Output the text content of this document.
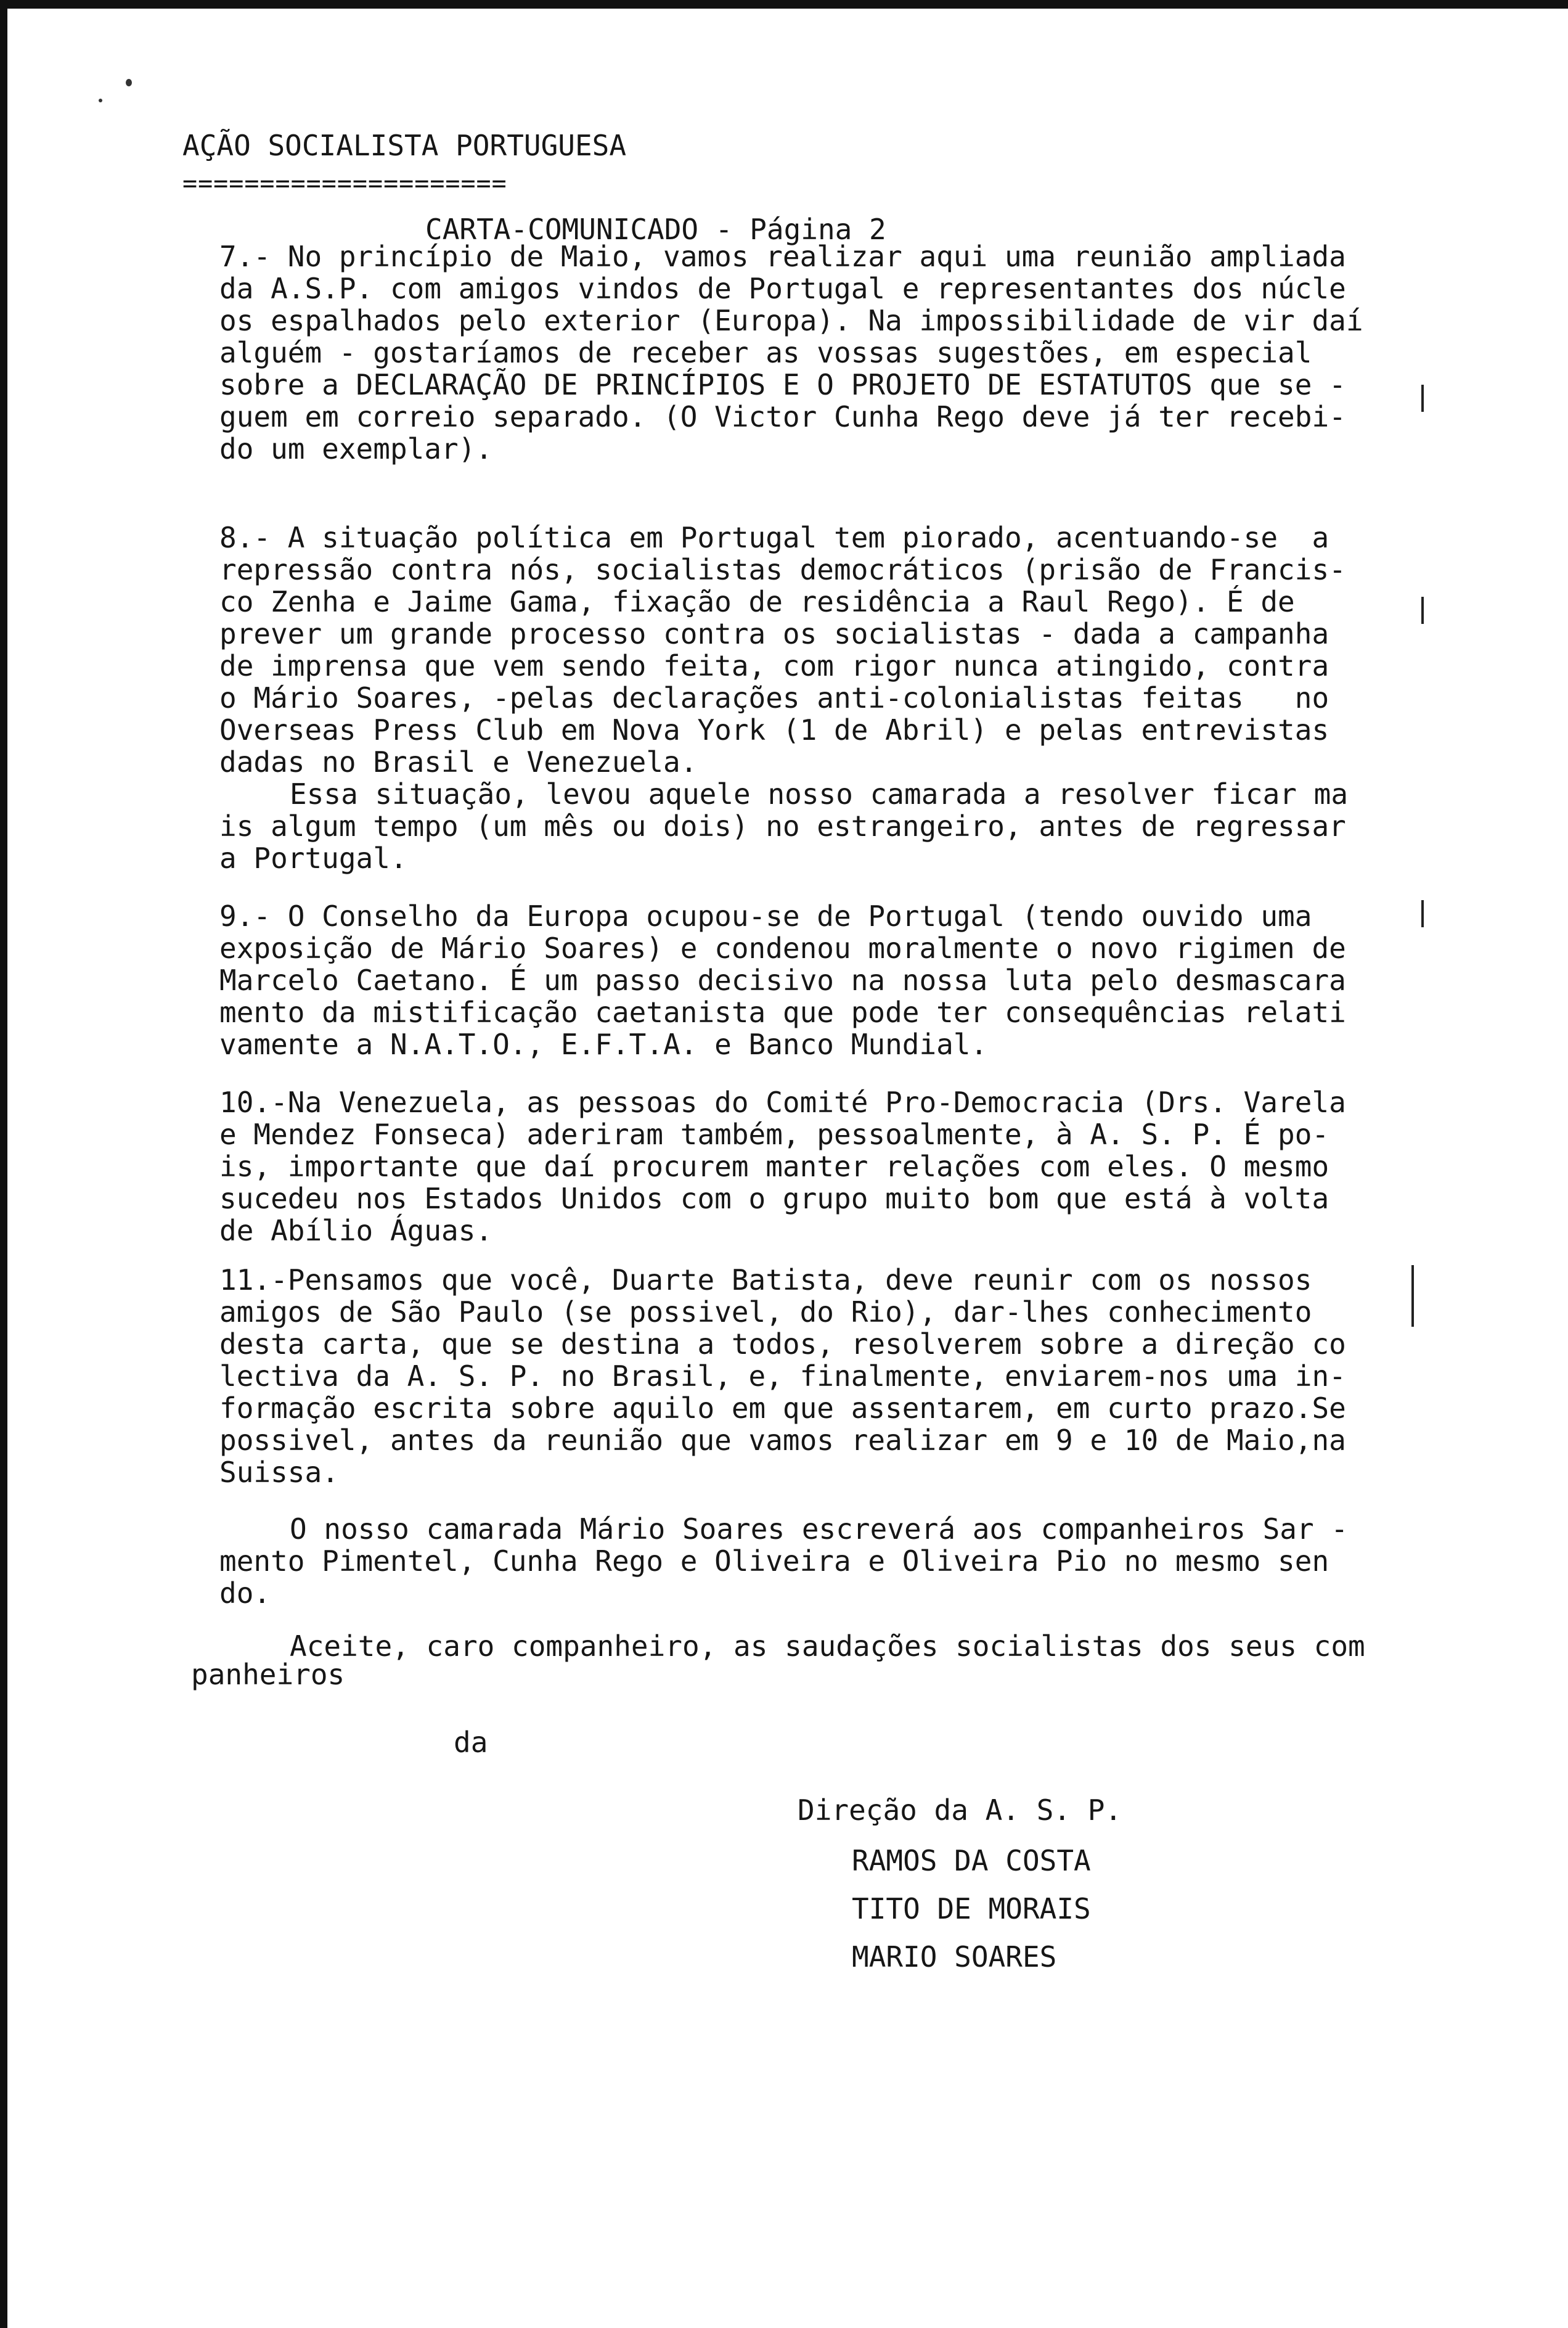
AÇÃO SOCIALISTA PORTUGUESA
=====================
CARTA-COMUNICADO - Página 2
7.- No princípio de Maio, vamos realizar aqui uma reunião ampliada
da A.S.P. com amigos vindos de Portugal e representantes dos núcle
os espalhados pelo exterior (Europa). Na impossibilidade de vir daí
alguém - gostaríamos de receber as vossas sugestões, em especial
sobre a DECLARAÇÃO DE PRINCÍPIOS E O PROJETO DE ESTATUTOS que se -
guem em correio separado. (O Victor Cunha Rego deve já ter recebi-
do um exemplar).
8.- A situação política em Portugal tem piorado, acentuando-se  a
repressão contra nós, socialistas democráticos (prisão de Francis-
co Zenha e Jaime Gama, fixação de residência a Raul Rego). É de
prever um grande processo contra os socialistas - dada a campanha
de imprensa que vem sendo feita, com rigor nunca atingido, contra
o Mário Soares, -pelas declarações anti-colonialistas feitas   no
Overseas Press Club em Nova York (1 de Abril) e pelas entrevistas
dadas no Brasil e Venezuela.
Essa situação, levou aquele nosso camarada a resolver ficar ma
is algum tempo (um mês ou dois) no estrangeiro, antes de regressar
a Portugal.
9.- O Conselho da Europa ocupou-se de Portugal (tendo ouvido uma
exposição de Mário Soares) e condenou moralmente o novo rigimen de
Marcelo Caetano. É um passo decisivo na nossa luta pelo desmascara
mento da mistificação caetanista que pode ter consequências relati
vamente a N.A.T.O., E.F.T.A. e Banco Mundial.
10.-Na Venezuela, as pessoas do Comité Pro-Democracia (Drs. Varela
e Mendez Fonseca) aderiram também, pessoalmente, à A. S. P. É po-
is, importante que daí procurem manter relações com eles. O mesmo
sucedeu nos Estados Unidos com o grupo muito bom que está à volta
de Abílio Águas.
11.-Pensamos que você, Duarte Batista, deve reunir com os nossos
amigos de São Paulo (se possivel, do Rio), dar-lhes conhecimento
desta carta, que se destina a todos, resolverem sobre a direção co
lectiva da A. S. P. no Brasil, e, finalmente, enviarem-nos uma in-
formação escrita sobre aquilo em que assentarem, em curto prazo.Se
possivel, antes da reunião que vamos realizar em 9 e 10 de Maio,na
Suissa.
O nosso camarada Mário Soares escreverá aos companheiros Sar -
mento Pimentel, Cunha Rego e Oliveira e Oliveira Pio no mesmo sen
do.
Aceite, caro companheiro, as saudações socialistas dos seus com
panheiros
da
Direção da A. S. P.
RAMOS DA COSTA
TITO DE MORAIS
MARIO SOARES
